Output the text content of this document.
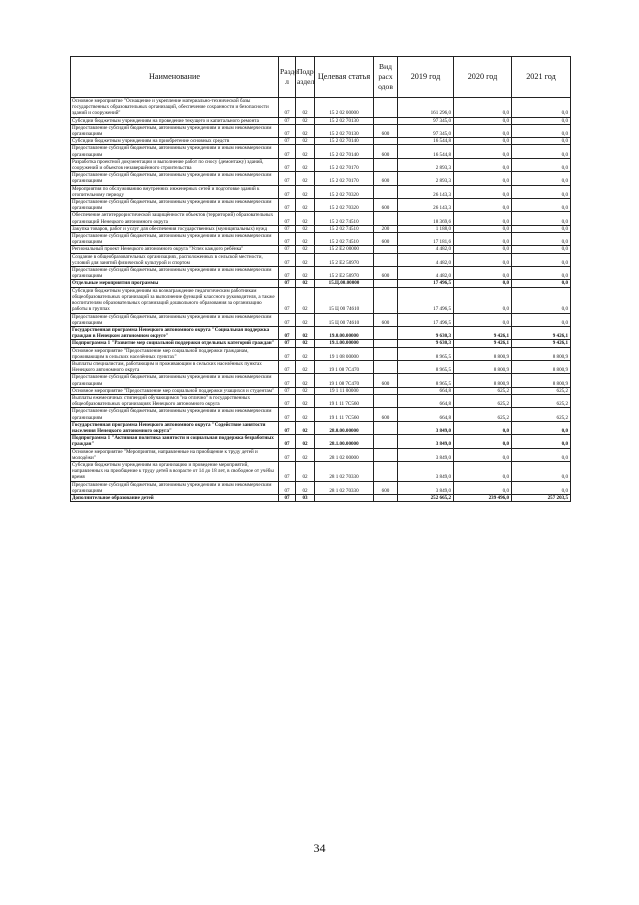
Наименование	Разде л	Подр аздел	Целевая статья	Вид расх одов	2019 год	2020 год	2021 год
Основное мероприятие "Оснащение и укрепление материально-технической базы государственных образовательных организаций, обеспечение сохранности и безопасности зданий и сооружений"	07	02	15 2 02 00000		161 296,0	0,0	0,0
Субсидии бюджетным учреждениям на проведение текущего и капитального ремонта	07	02	15 2 02 70130		97 345,0	0,0	0,0
Предоставление субсидий бюджетным, автономным учреждениям и иным некоммерческим организациям	07	02	15 2 02 70130	600	97 345,0	0,0	0,0
Субсидии бюджетным учреждениям на приобретение основных средств	07	02	15 2 02 70140		16 544,8	0,0	0,0
Предоставление субсидий бюджетным, автономным учреждениям и иным некоммерческим организациям	07	02	15 2 02 70140	600	16 544,8	0,0	0,0
Разработка проектной документации и выполнение работ по сносу (демонтажу) зданий, сооружений и объектов незавершённого строительства	07	02	15 2 02 70170		2 893,3	0,0	0,0
Предоставление субсидий бюджетным, автономным учреждениям и иным некоммерческим организациям	07	02	15 2 02 70170	600	2 893,3	0,0	0,0
Мероприятия по обслуживанию внутренних инженерных сетей и подготовке зданий к отопительному периоду	07	02	15 2 02 70320		26 143,3	0,0	0,0
Предоставление субсидий бюджетным, автономным учреждениям и иным некоммерческим организациям	07	02	15 2 02 70320	600	26 143,3	0,0	0,0
Обеспечение антитеррористической защищённости объектов (территорий) образовательных организаций Ненецкого автономного округа	07	02	15 2 02 74510		18 369,6	0,0	0,0
Закупка товаров, работ и услуг для обеспечения государственных (муниципальных) нужд	07	02	15 2 02 74510	200	1 188,0	0,0	0,0
Предоставление субсидий бюджетным, автономным учреждениям и иным некоммерческим организациям	07	02	15 2 02 74510	600	17 181,6	0,0	0,0
Региональный проект Ненецкого автономного округа "Успех каждого ребёнка"	07	02	15 2 E2 00000		4 482,0	0,0	0,0
Создание в общеобразовательных организациях, расположенных в сельской местности, условий для занятий физической культурой и спортом	07	02	15 2 E2 50970		4 482,0	0,0	0,0
Предоставление субсидий бюджетным, автономным учреждениям и иным некоммерческим организациям	07	02	15 2 E2 50970	600	4 482,0	0,0	0,0
Отдельные мероприятия программы	07	02	15.Ц.00.00000		17 496,5	0,0	0,0
Субсидии бюджетным учреждениям на вознаграждение педагогическим работникам общеобразовательных организаций за выполнение функций классного руководителя, а также воспитателям образовательных организаций дошкольного образования за организацию работы в группах	07	02	15 Ц 00 74610		17 496,5	0,0	0,0
Предоставление субсидий бюджетным, автономным учреждениям и иным некоммерческим организациям	07	02	15 Ц 00 74610	600	17 496,5	0,0	0,0
Государственная программа Ненецкого автономного округа "Социальная поддержка граждан в Ненецком автономном округе"	07	02	19.0.00.00000		9 630,3	9 426,1	9 426,1
Подпрограмма 1 "Развитие мер социальной поддержки отдельных категорий граждан"	07	02	19.1.00.00000		9 630,3	9 426,1	9 426,1
Основное мероприятие "Предоставление мер социальной поддержки гражданам, проживающим в сельских населённых пунктах"	07	02	19 1 08 00000		8 965,5	8 800,9	8 800,9
Выплаты специалистам, работающим и проживающим в сельских населённых пунктах Ненецкого автономного округа	07	02	19 1 08 7С470		8 965,5	8 800,9	8 800,9
Предоставление субсидий бюджетным, автономным учреждениям и иным некоммерческим организациям	07	02	19 1 08 7С470	600	8 965,5	8 800,9	8 800,9
Основное мероприятие "Предоставление мер социальной поддержки учащихся и студентам"	07	02	19 1 11 00000		664,8	625,2	625,2
Выплаты ежемесячных стипендий обучающимся "на отлично" в государственных общеобразовательных организациях Ненецкого автономного округа	07	02	19 1 11 7С560		664,8	625,2	625,2
Предоставление субсидий бюджетным, автономным учреждениям и иным некоммерческим организациям	07	02	19 1 11 7С560	600	664,8	625,2	625,2
Государственная программа Ненецкого автономного округа "Содействие занятости населения Ненецкого автономного округа"	07	02	28.0.00.00000		3 849,0	0,0	0,0
Подпрограмма 1 "Активная политика занятости и социальная поддержка безработных граждан"	07	02	28.1.00.00000		3 849,0	0,0	0,0
Основное мероприятие "Мероприятия, направленные на приобщение к труду детей и молодёжи"	07	02	28 1 02 00000		3 849,0	0,0	0,0
Субсидии бюджетным учреждениям на организацию и проведение мероприятий, направленных на приобщение к труду детей в возрасте от 14 до 18 лет, в свободное от учёбы время	07	02	28 1 02 70330		3 849,0	0,0	0,0
Предоставление субсидий бюджетным, автономным учреждениям и иным некоммерческим организациям	07	02	28 1 02 70330	600	3 849,0	0,0	0,0
Дополнительное образование детей	07	03			252 665,2	239 496,0	257 203,5
34
